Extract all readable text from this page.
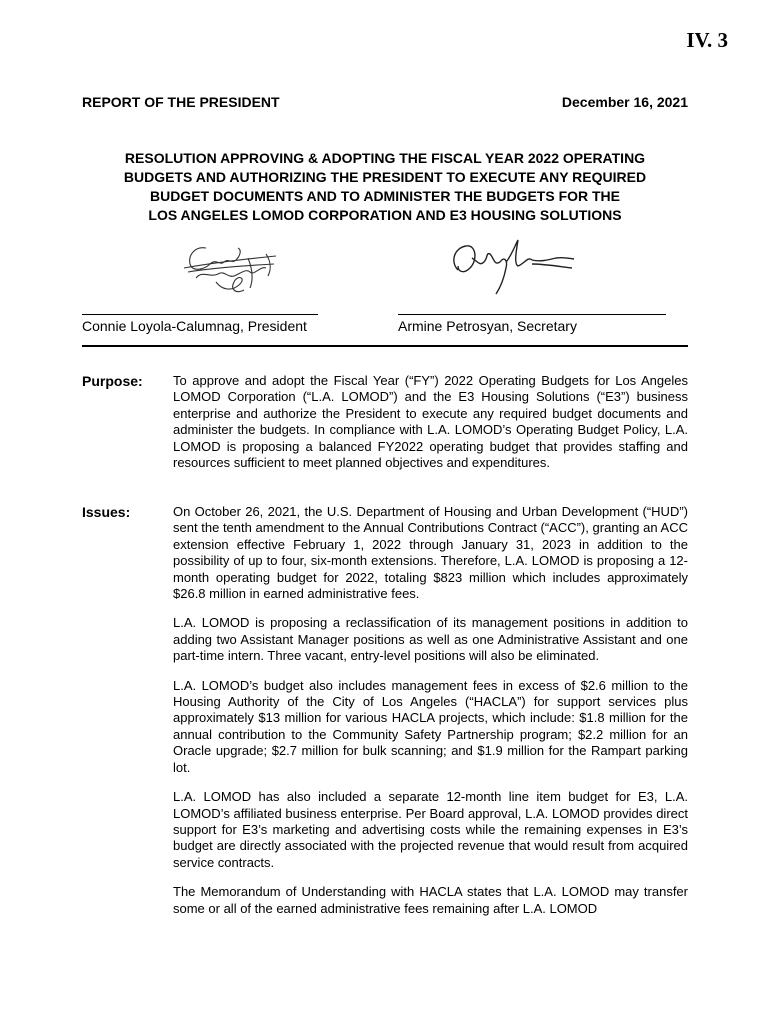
IV. 3
REPORT OF THE PRESIDENT	December 16, 2021
RESOLUTION APPROVING & ADOPTING THE FISCAL YEAR 2022 OPERATING
BUDGETS AND AUTHORIZING THE PRESIDENT TO EXECUTE ANY REQUIRED
BUDGET DOCUMENTS AND TO ADMINISTER THE BUDGETS FOR THE
LOS ANGELES LOMOD CORPORATION AND E3 HOUSING SOLUTIONS
Connie Loyola-Calumnag, President	Armine Petrosyan, Secretary
Purpose: To approve and adopt the Fiscal Year (“FY”) 2022 Operating Budgets for Los Angeles LOMOD Corporation (“L.A. LOMOD”) and the E3 Housing Solutions (“E3”) business enterprise and authorize the President to execute any required budget documents and administer the budgets. In compliance with L.A. LOMOD’s Operating Budget Policy, L.A. LOMOD is proposing a balanced FY2022 operating budget that provides staffing and resources sufficient to meet planned objectives and expenditures.

Issues:	On October 26, 2021, the U.S. Department of Housing and Urban Development (“HUD”) sent the tenth amendment to the Annual Contributions Contract (“ACC”), granting an ACC extension effective February 1, 2022 through January 31, 2023 in addition to the possibility of up to four, six-month extensions. Therefore, L.A. LOMOD is proposing a 12-month operating budget for 2022, totaling $823 million which includes approximately $26.8 million in earned administrative fees.

L.A. LOMOD is proposing a reclassification of its management positions in addition to adding two Assistant Manager positions as well as one Administrative Assistant and one part-time intern. Three vacant, entry-level positions will also be eliminated.

L.A. LOMOD’s budget also includes management fees in excess of $2.6 million to the Housing Authority of the City of Los Angeles (“HACLA”) for support services plus approximately $13 million for various HACLA projects, which include: $1.8 million for the annual contribution to the Community Safety Partnership program; $2.2 million for an Oracle upgrade; $2.7 million for bulk scanning; and $1.9 million for the Rampart parking lot.

L.A. LOMOD has also included a separate 12-month line item budget for E3, L.A. LOMOD’s affiliated business enterprise. Per Board approval, L.A. LOMOD provides direct support for E3’s marketing and advertising costs while the remaining expenses in E3’s budget are directly associated with the projected revenue that would result from acquired service contracts.

The Memorandum of Understanding with HACLA states that L.A. LOMOD may transfer some or all of the earned administrative fees remaining after L.A. LOMOD
